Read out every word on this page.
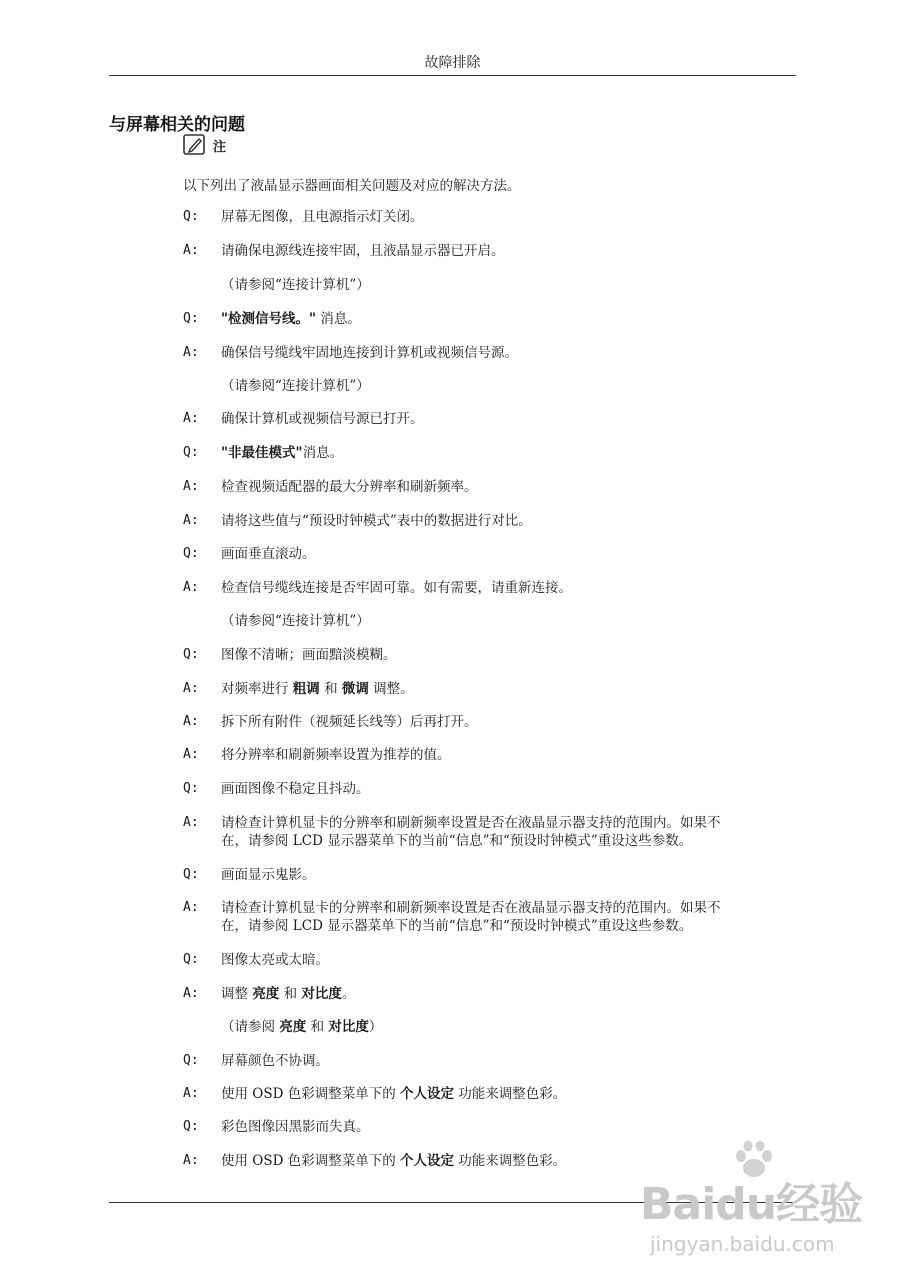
故障排除
与屏幕相关的问题
注
以下列出了液晶显示器画面相关问题及对应的解决方法。
Q:	屏幕无图像，且电源指示灯关闭。
A:	请确保电源线连接牢固，且液晶显示器已开启。
（请参阅“连接计算机”）
Q:	"检测信号线。" 消息。
A:	确保信号缆线牢固地连接到计算机或视频信号源。
（请参阅“连接计算机”）
A:	确保计算机或视频信号源已打开。
Q:	"非最佳模式"消息。
A:	检查视频适配器的最大分辨率和刷新频率。
A:	请将这些值与“预设时钟模式”表中的数据进行对比。
Q:	画面垂直滚动。
A:	检查信号缆线连接是否牢固可靠。如有需要，请重新连接。
（请参阅“连接计算机”）
Q:	图像不清晰；画面黯淡模糊。
A:	对频率进行 粗调 和 微调 调整。
A:	拆下所有附件（视频延长线等）后再打开。
A:	将分辨率和刷新频率设置为推荐的值。
Q:	画面图像不稳定且抖动。
A:	请检查计算机显卡的分辨率和刷新频率设置是否在液晶显示器支持的范围内。如果不
在，请参阅 LCD 显示器菜单下的当前“信息”和“预设时钟模式”重设这些参数。
Q:	画面显示鬼影。
A:	请检查计算机显卡的分辨率和刷新频率设置是否在液晶显示器支持的范围内。如果不
在，请参阅 LCD 显示器菜单下的当前“信息”和“预设时钟模式”重设这些参数。
Q:	图像太亮或太暗。
A:	调整 亮度 和 对比度。
（请参阅 亮度 和 对比度）
Q:	屏幕颜色不协调。
A:	使用 OSD 色彩调整菜单下的 个人设定 功能来调整色彩。
Q:	彩色图像因黑影而失真。
A:	使用 OSD 色彩调整菜单下的 个人设定 功能来调整色彩。
Baidu经验
jingyan.baidu.com
